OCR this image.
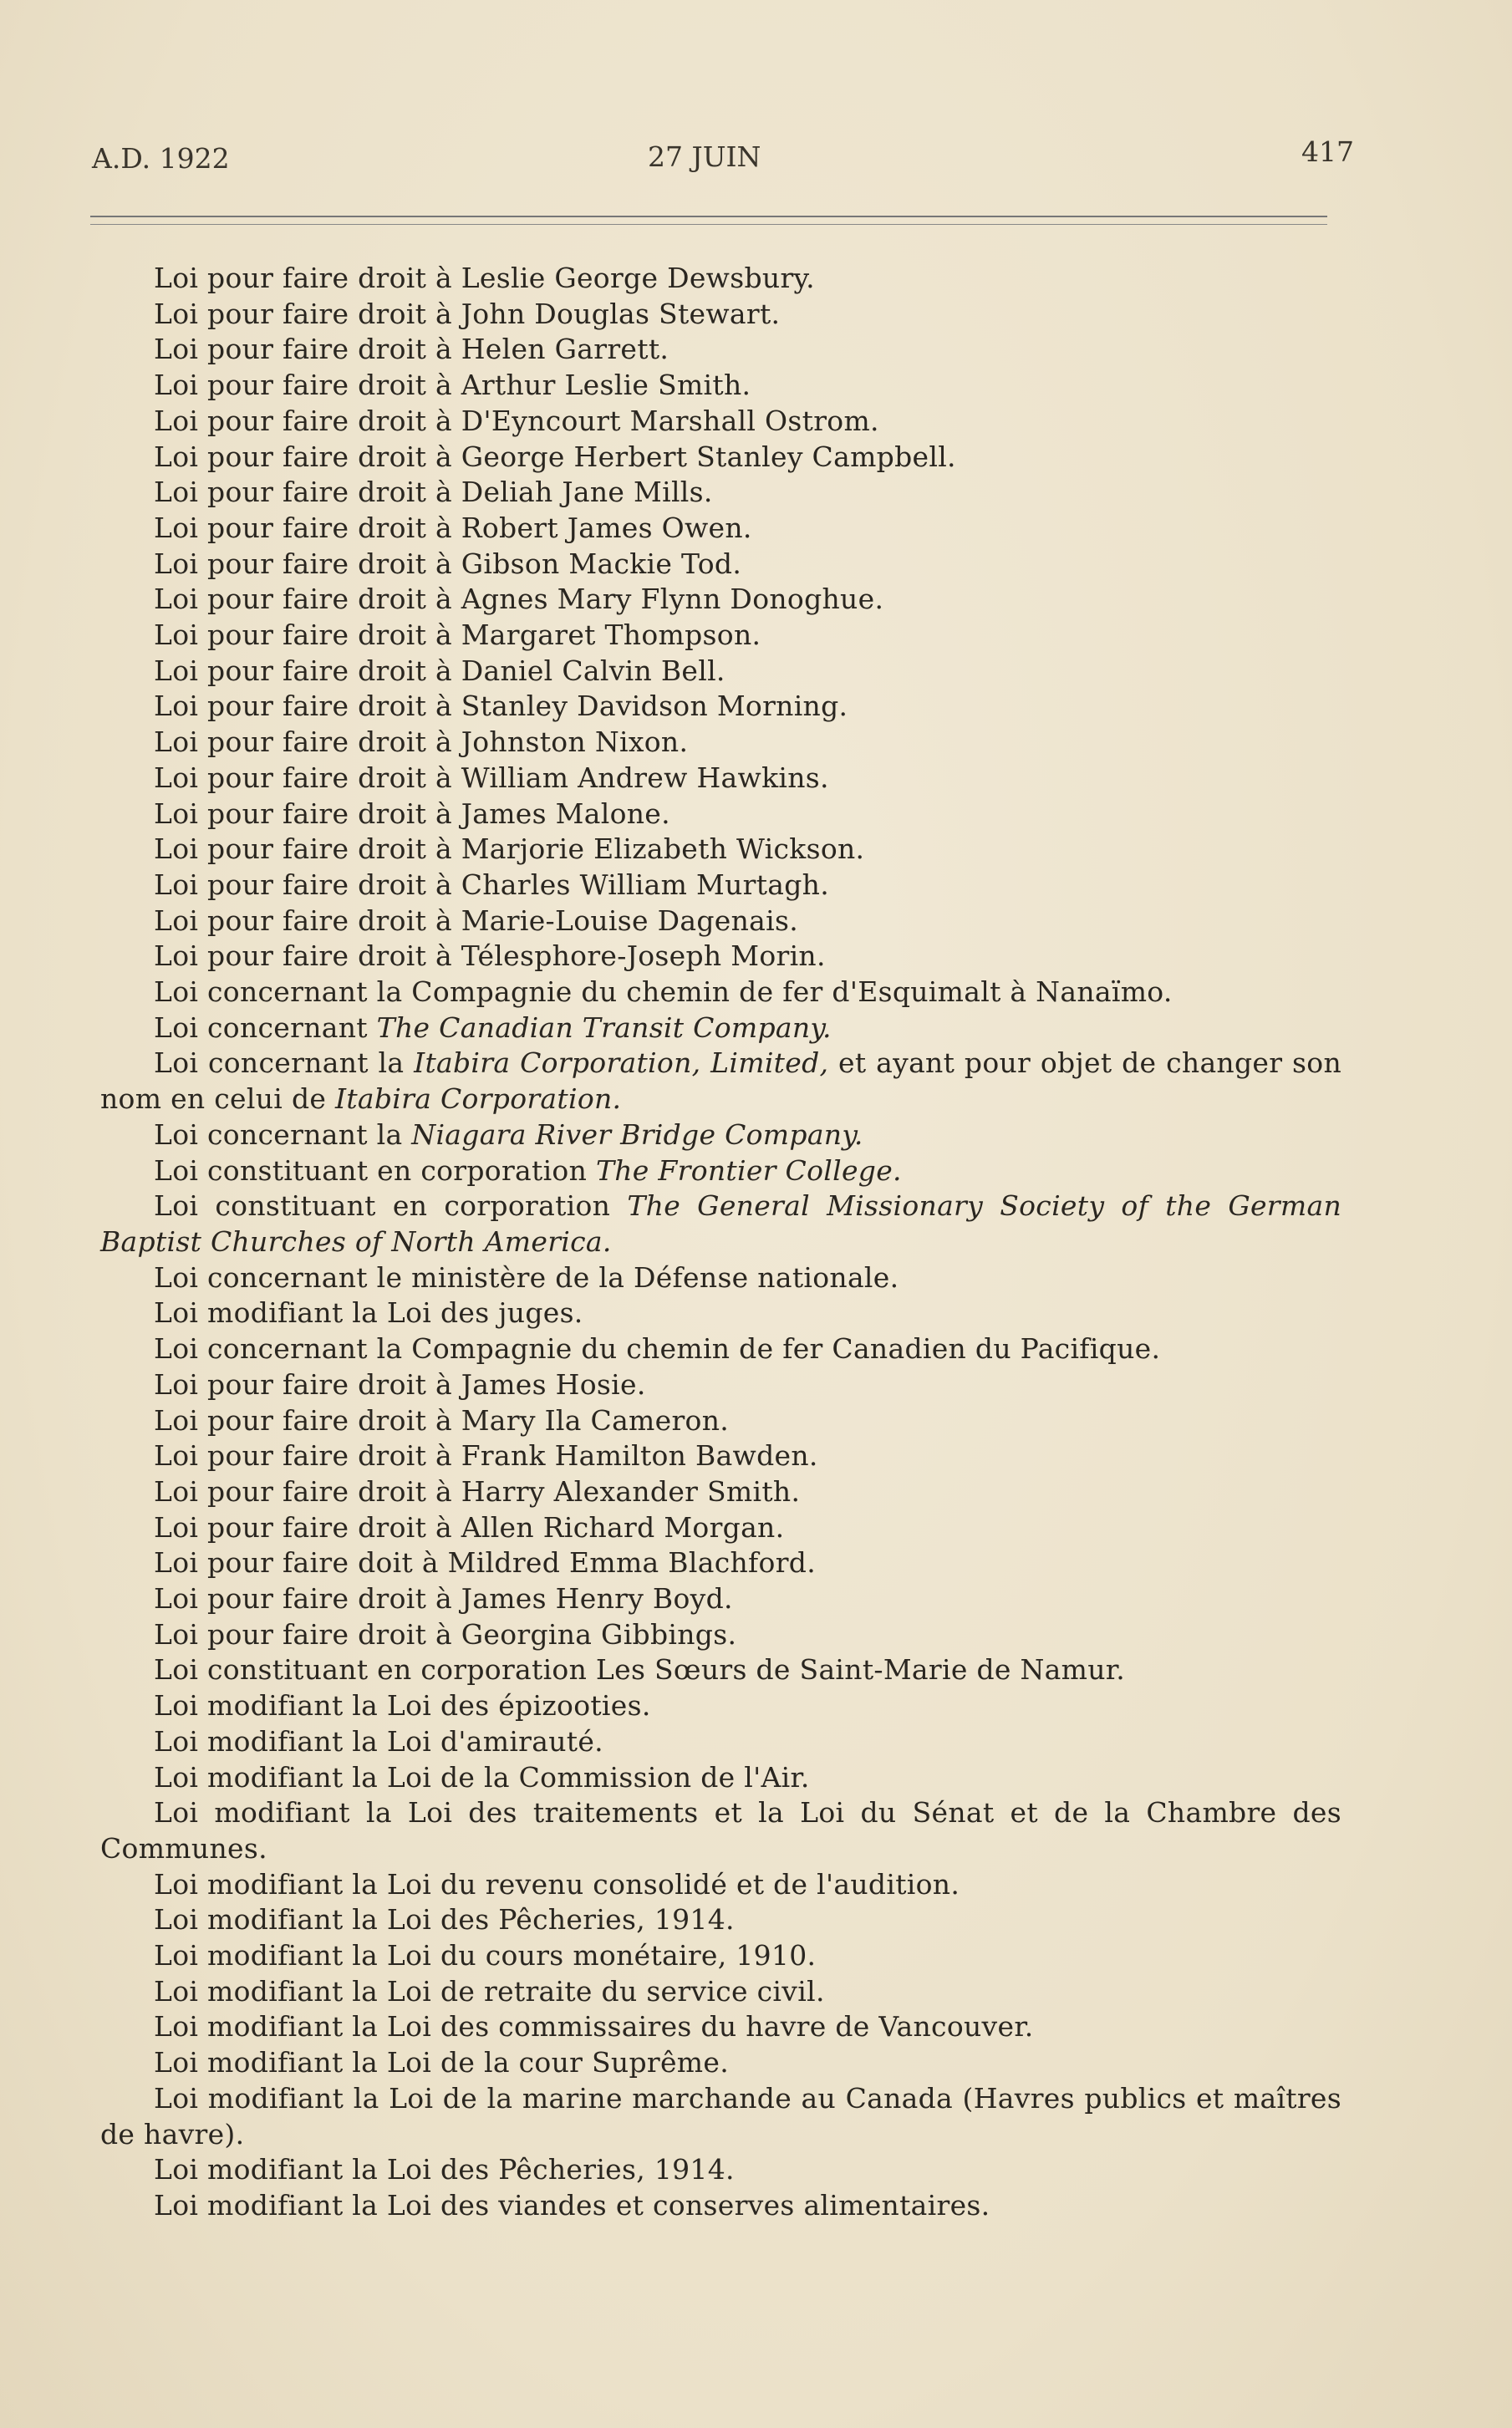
A.D. 1922	27 JUIN	417

Loi pour faire droit à Leslie George Dewsbury.

Loi pour faire droit à John Douglas Stewart.

Loi pour faire droit à Helen Garrett.

Loi pour faire droit à Arthur Leslie Smith.

Loi pour faire droit à D'Eyncourt Marshall Ostrom.

Loi pour faire droit à George Herbert Stanley Campbell.

Loi pour faire droit à Deliah Jane Mills.

Loi pour faire droit à Robert James Owen.

Loi pour faire droit à Gibson Mackie Tod.

Loi pour faire droit à Agnes Mary Flynn Donoghue.

Loi pour faire droit à Margaret Thompson.

Loi pour faire droit à Daniel Calvin Bell.

Loi pour faire droit à Stanley Davidson Morning.

Loi pour faire droit à Johnston Nixon.

Loi pour faire droit à William Andrew Hawkins.

Loi pour faire droit à James Malone.

Loi pour faire droit à Marjorie Elizabeth Wickson.

Loi pour faire droit à Charles William Murtagh.

Loi pour faire droit à Marie-Louise Dagenais.

Loi pour faire droit à Télesphore-Joseph Morin.

Loi concernant la Compagnie du chemin de fer d'Esquimalt à Nanaïmo.

Loi concernant The Canadian Transit Company.

Loi concernant la Itabira Corporation, Limited, et ayant pour objet de changer son nom en celui de Itabira Corporation.

Loi concernant la Niagara River Bridge Company.

Loi constituant en corporation The Frontier College.

Loi constituant en corporation The General Missionary Society of the German Baptist Churches of North America.

Loi concernant le ministère de la Défense nationale.

Loi modifiant la Loi des juges.

Loi concernant la Compagnie du chemin de fer Canadien du Pacifique.

Loi pour faire droit à James Hosie.

Loi pour faire droit à Mary Ila Cameron.

Loi pour faire droit à Frank Hamilton Bawden.

Loi pour faire droit à Harry Alexander Smith.

Loi pour faire droit à Allen Richard Morgan.

Loi pour faire doit à Mildred Emma Blachford.

Loi pour faire droit à James Henry Boyd.

Loi pour faire droit à Georgina Gibbings.

Loi constituant en corporation Les Sœurs de Saint-Marie de Namur.

Loi modifiant la Loi des épizooties.

Loi modifiant la Loi d'amirauté.

Loi modifiant la Loi de la Commission de l'Air.

Loi modifiant la Loi des traitements et la Loi du Sénat et de la Chambre des Communes.

Loi modifiant la Loi du revenu consolidé et de l'audition.

Loi modifiant la Loi des Pêcheries, 1914.

Loi modifiant la Loi du cours monétaire, 1910.

Loi modifiant la Loi de retraite du service civil.

Loi modifiant la Loi des commissaires du havre de Vancouver.

Loi modifiant la Loi de la cour Suprême.

Loi modifiant la Loi de la marine marchande au Canada (Havres publics et maîtres de havre).

Loi modifiant la Loi des Pêcheries, 1914.

Loi modifiant la Loi des viandes et conserves alimentaires.
